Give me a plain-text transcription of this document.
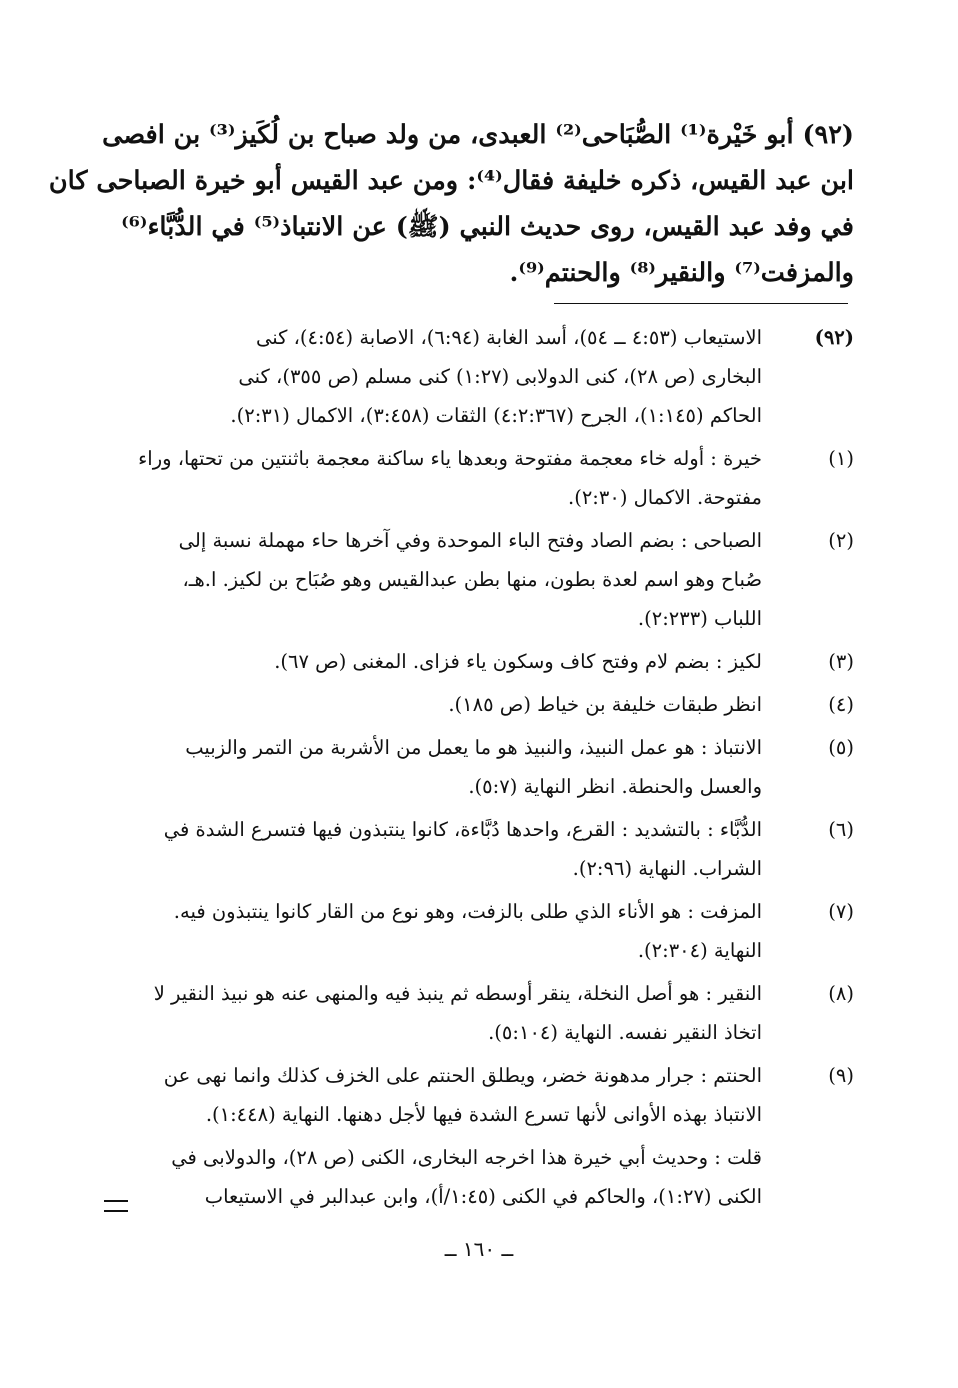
(٩٢) أبو خَيْرة⁽¹⁾ الصُّبَاحى⁽²⁾ العبدى، من ولد صباح بن لُكَيز⁽³⁾ بن افصى
ابن عبد القيس، ذكره خليفة فقال⁽⁴⁾: ومن عبد القيس أبو خيرة الصباحى كان
في وفد عبد القيس، روى حديث النبي (ﷺ) عن الانتباذ⁽⁵⁾ في الدُّبَّاء⁽⁶⁾
والمزفت⁽⁷⁾ والنقير⁽⁸⁾ والحنتم⁽⁹⁾.
(٩٢)
الاستيعاب (٤:٥٣ ــ ٥٤)، أسد الغابة (٦:٩٤)، الاصابة (٤:٥٤)، كنى
البخارى (ص ٢٨)، كنى الدولابى (١:٢٧) كنى مسلم (ص ٣٥٥)، كنى
الحاكم (١:١٤٥)، الجرح (٤:٢:٣٦٧) الثقات (٣:٤٥٨)، الاكمال (٢:٣١).
(١)
خيرة : أوله خاء معجمة مفتوحة وبعدها ياء ساكنة معجمة باثنتين من تحتها، وراء
مفتوحة. الاكمال (٢:٣٠).
(٢)
الصباحى : بضم الصاد وفتح الباء الموحدة وفي آخرها حاء مهملة نسبة إلى
صُباح وهو اسم لعدة بطون، منها بطن عبدالقيس وهو صُبَاح بن لكيز. ا.هـ،
اللباب (٢:٢٣٣).
(٣)
لكيز : بضم لام وفتح كاف وسكون ياء فزاى. المغنى (ص ٦٧).
(٤)
انظر طبقات خليفة بن خياط (ص ١٨٥).
(٥)
الانتباذ : هو عمل النبيذ، والنبيذ هو ما يعمل من الأشربة من التمر والزبيب
والعسل والحنطة. انظر النهاية (٥:٧).
(٦)
الدُّبَّاء : بالتشديد : القرع، واحدها دُبَّاءة، كانوا ينتبذون فيها فتسرع الشدة في
الشراب. النهاية (٢:٩٦).
(٧)
المزفت : هو الأناء الذي طلى بالزفت، وهو نوع من القار كانوا ينتبذون فيه.
النهاية (٢:٣٠٤).
(٨)
النقير : هو أصل النخلة، ينقر أوسطه ثم ينبذ فيه والمنهى عنه هو نبيذ النقير لا
اتخاذ النقير نفسه. النهاية (٥:١٠٤).
(٩)
الحنتم : جرار مدهونة خضر، ويطلق الحنتم على الخزف كذلك وانما نهى عن
الانتباذ بهذه الأوانى لأنها تسرع الشدة فيها لأجل دهنها. النهاية (١:٤٤٨).
قلت : وحديث أبي خيرة هذا اخرجه البخارى، الكنى (ص ٢٨)، والدولابى في
الكنى (١:٢٧)، والحاكم في الكنى (١:٤٥/أ)، وابن عبدالبر في الاستيعاب
ــ ١٦٠ ــ
